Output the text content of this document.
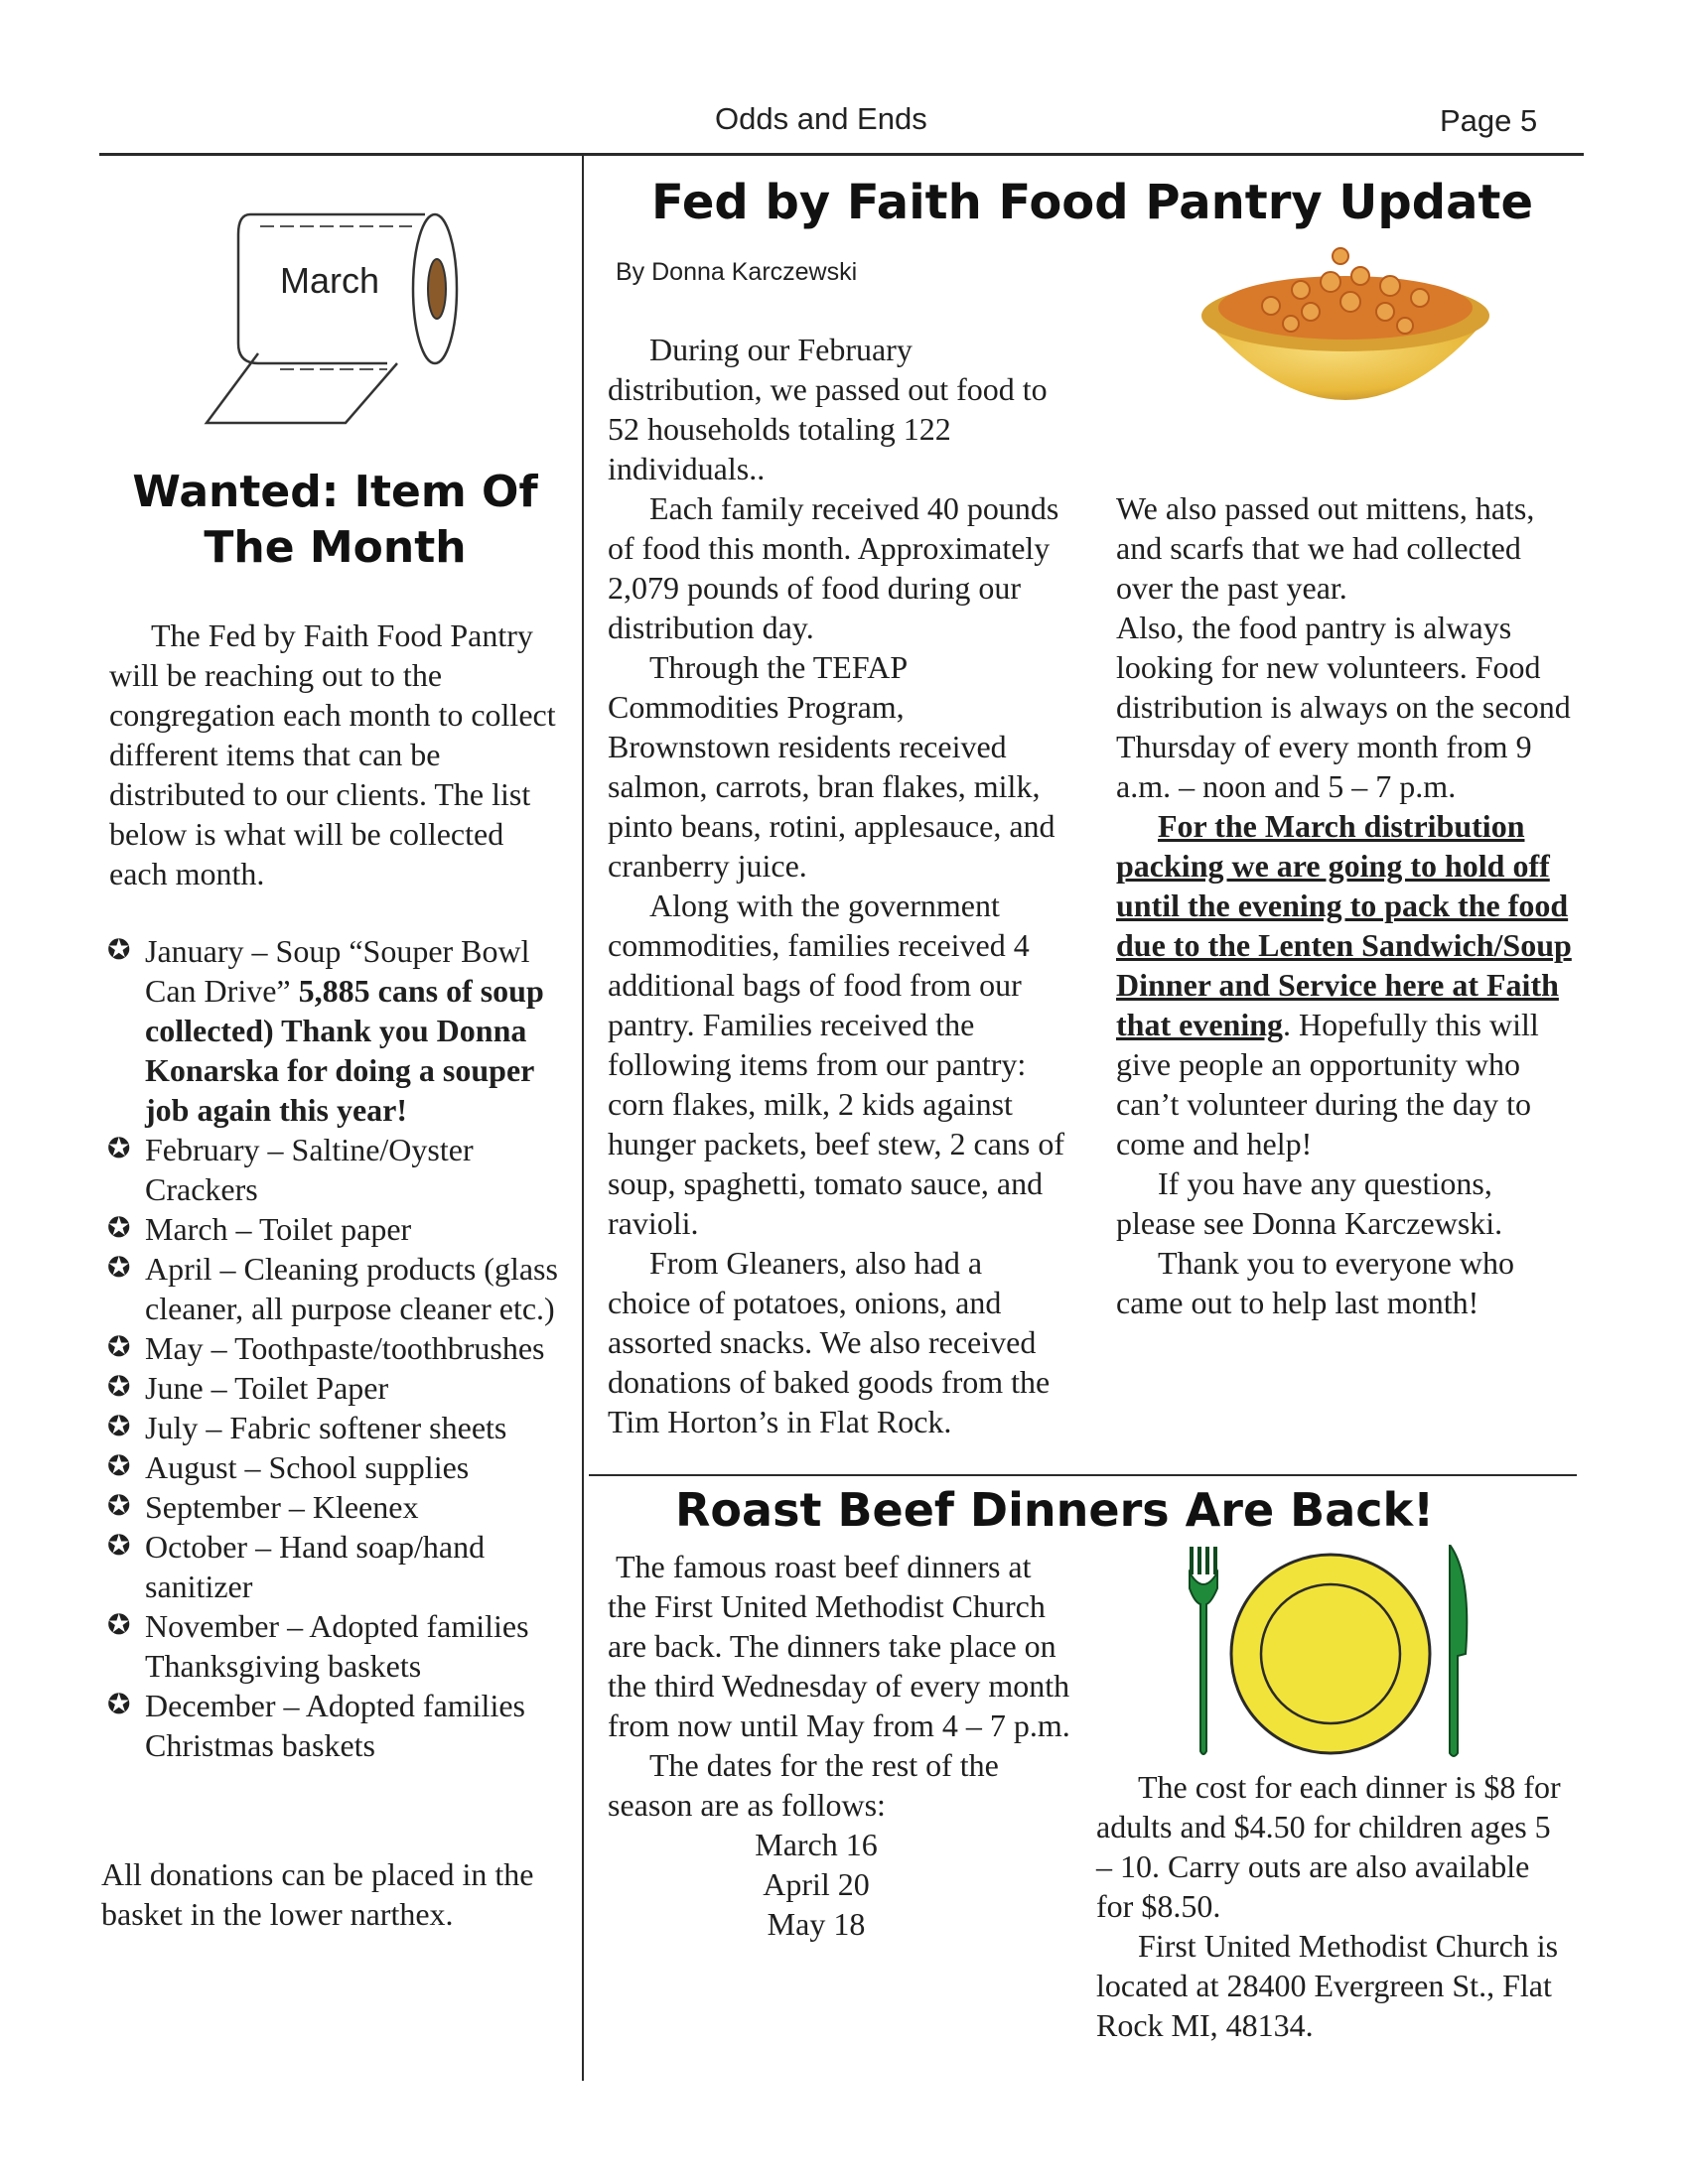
Odds and Ends	Page 5
March
Wanted: Item Of
The Month

The Fed by Faith Food Pantry will be reaching out to the congregation each month to collect different items that can be distributed to our clients. The list below is what will be collected each month.

✪ January – Soup “Souper Bowl Can Drive” 5,885 cans of soup collected) Thank you Donna Konarska for doing a souper job again this year!
✪ February – Saltine/Oyster Crackers
✪ March – Toilet paper
✪ April – Cleaning products (glass cleaner, all purpose cleaner etc.)
✪ May – Toothpaste/toothbrushes
✪ June – Toilet Paper
✪ July – Fabric softener sheets
✪ August – School supplies
✪ September – Kleenex
✪ October – Hand soap/hand sanitizer
✪ November – Adopted families Thanksgiving baskets
✪ December – Adopted families Christmas baskets

All donations can be placed in the basket in the lower narthex.

Fed by Faith Food Pantry Update
By Donna Karczewski

During our February distribution, we passed out food to 52 households totaling 122 individuals..

Each family received 40 pounds of food this month. Approximately 2,079 pounds of food during our distribution day.

Through the TEFAP Commodities Program, Brownstown residents received salmon, carrots, bran flakes, milk, pinto beans, rotini, applesauce, and cranberry juice.

Along with the government commodities, families received 4 additional bags of food from our pantry. Families received the following items from our pantry: corn flakes, milk, 2 kids against hunger packets, beef stew, 2 cans of soup, spaghetti, tomato sauce, and ravioli.

From Gleaners, also had a choice of potatoes, onions, and assorted snacks. We also received donations of baked goods from the Tim Horton’s in Flat Rock.

We also passed out mittens, hats, and scarfs that we had collected over the past year.

Also, the food pantry is always looking for new volunteers. Food distribution is always on the second Thursday of every month from 9 a.m. – noon and 5 – 7 p.m.

For the March distribution packing we are going to hold off until the evening to pack the food due to the Lenten Sandwich/Soup Dinner and Service here at Faith that evening. Hopefully this will give people an opportunity who can’t volunteer during the day to come and help!

If you have any questions, please see Donna Karczewski.

Thank you to everyone who came out to help last month!

Roast Beef Dinners Are Back!

The famous roast beef dinners at the First United Methodist Church are back. The dinners take place on the third Wednesday of every month from now until May from 4 – 7 p.m.

The dates for the rest of the season are as follows:

March 16
April 20
May 18

The cost for each dinner is $8 for adults and $4.50 for children ages 5 – 10. Carry outs are also available for $8.50.

First United Methodist Church is located at 28400 Evergreen St., Flat Rock MI, 48134.
